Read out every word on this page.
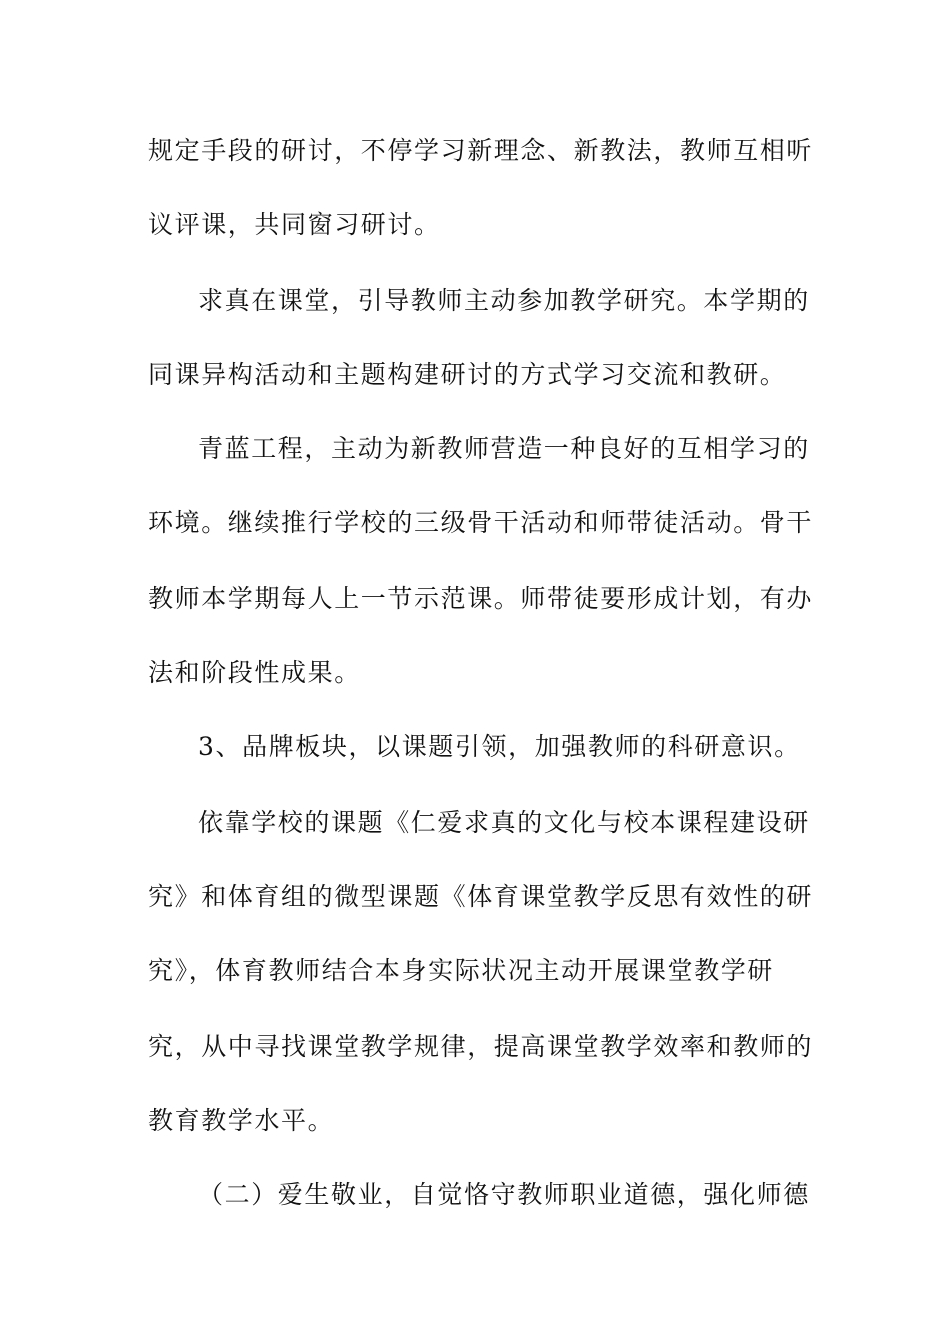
规定手段的研讨，不停学习新理念、新教法，教师互相听
议评课，共同窗习研讨。
求真在课堂，引导教师主动参加教学研究。本学期的
同课异构活动和主题构建研讨的方式学习交流和教研。
青蓝工程，主动为新教师营造一种良好的互相学习的
环境。继续推行学校的三级骨干活动和师带徒活动。骨干
教师本学期每人上一节示范课。师带徒要形成计划，有办
法和阶段性成果。
3、品牌板块，以课题引领，加强教师的科研意识。
依靠学校的课题《仁爱求真的文化与校本课程建设研
究》和体育组的微型课题《体育课堂教学反思有效性的研
究》，体育教师结合本身实际状况主动开展课堂教学研
究，从中寻找课堂教学规律，提高课堂教学效率和教师的
教育教学水平。
（二）爱生敬业，自觉恪守教师职业道德，强化师德
